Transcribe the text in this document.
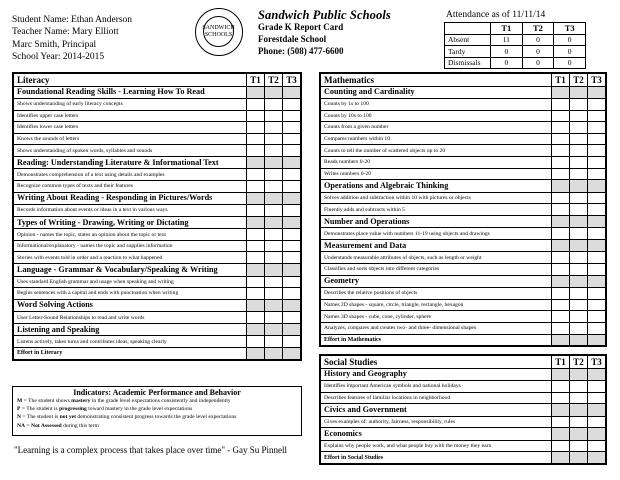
Student Name: Ethan Anderson
Teacher Name: Mary Elliott
Marc Smith, Principal
School Year: 2014-2015
SANDWICH SCHOOLS
Sandwich Public Schools
Grade K Report Card
Forestdale School
Phone: (508) 477-6600
Attendance as of 11/11/14
	T1	T2	T3
Absent	11	0	0
Tardy	0	0	0
Dismissals	0	0	0
Literacy	T1	T2	T3
Foundational Reading Skills - Learning How To Read			
Shows understanding of early literacy concepts			
Identifies upper case letters			
Identifies lower case letters			
Knows the sounds of letters			
Shows understanding of spoken words, syllables and sounds			
Reading: Understanding Literature & Informational Text			
Demonstrates comprehension of a text using details and examples			
Recognize common types of texts and their features			
Writing About Reading - Responding in Pictures/Words			
Records information about events or ideas in a text in various ways			
Types of Writing - Drawing, Writing or Dictating			
Opinion - names the topic, states an opinion about the topic or text			
Informational/explanatory - names the topic and supplies information			
Stories with events told in order and a reaction to what happened			
Language - Grammar & Vocabulary/Speaking & Writing			
Uses standard English grammar and usage when speaking and writing			
Begins sentences with a capital and ends with punctuation when writing			
Word Solving Actions			
User Letter-Sound Relationships to read and write words			
Listening and Speaking			
Listens actively, takes turns and contributes ideas, speaking clearly			
Effort in Literacy			
Mathematics	T1	T2	T3
Counting and Cardinality			
Counts by 1s to 100			
Counts by 10s to 100			
Counts from a given number			
Compares numbers within 10			
Counts to tell the number of scattered objects up to 20			
Reads numbers 0-20			
Writes numbers 0-20			
Operations and Algebraic Thinking			
Solves addition and subtraction within 10 with pictures or objects			
Fluently adds and subtracts within 5			
Number and Operations			
Demonstrates place value with numbers 11-19 using objects and drawings			
Measurement and Data			
Understands measurable attributes of objects, such as length or weight			
Classifies and sorts objects into different categories			
Geometry			
Describes the relative positions of objects			
Names 2D shapes - square, circle, triangle, rectangle, hexagon			
Names 3D shapes - cube, cone, cylinder, sphere			
Analyzes, compares and creates two- and three- dimensional shapes			
Effort in Mathematics			
Social Studies	T1	T2	T3
History and Geography			
Identifies important American symbols and national holidays			
Describes features of familiar locations in neighborhood			
Civics and Government			
Gives examples of: authority, fairness, responsibility, rules			
Economics			
Explains why people work, and what people buy with the money they earn			
Effort in Social Studies			
Indicators: Academic Performance and Behavior
M = The student shows mastery in the grade level expectations consistently and independently
P = The student is progressing toward mastery in the grade level expectations
N = The student is not yet demonstrating consistent progress towards the grade level expectations
NA = Not Assessed during this term
"Learning is a complex process that takes place over time" - Gay Su Pinnell
